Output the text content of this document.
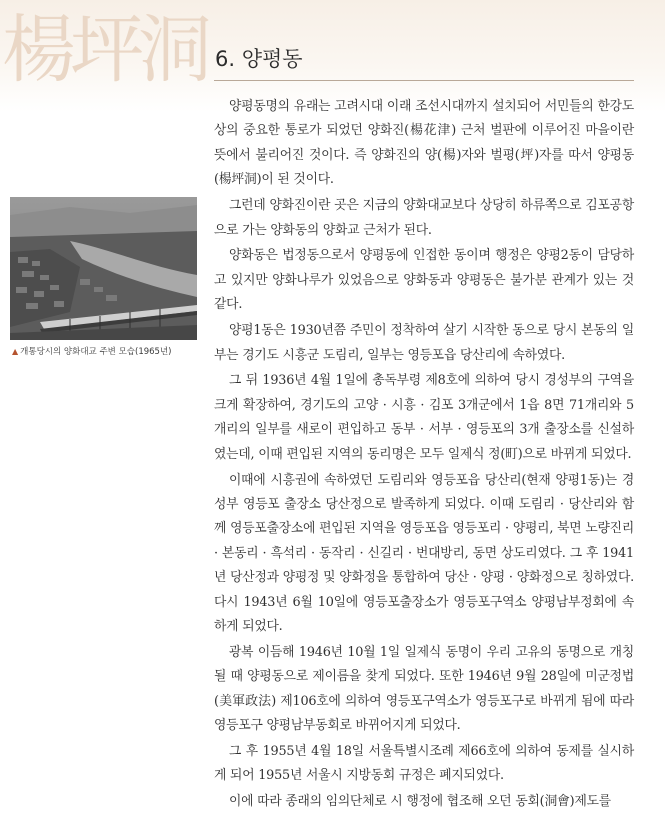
楊坪洞 6. 양평동
▲ 개통당시의 양화대교 주변 모습(1965년)

양평동명의 유래는 고려시대 이래 조선시대까지 설치되어 서민들의 한강도상의 중요한 통로가 되었던 양화진(楊花津) 근처 벌판에 이루어진 마을이란 뜻에서 불리어진 것이다. 즉 양화진의 양(楊)자와 벌평(坪)자를 따서 양평동(楊坪洞)이 된 것이다.

그런데 양화진이란 곳은 지금의 양화대교보다 상당히 하류쪽으로 김포공항으로 가는 양화동의 양화교 근처가 된다.

양화동은 법정동으로서 양평동에 인접한 동이며 행정은 양평2동이 담당하고 있지만 양화나루가 있었음으로 양화동과 양평동은 불가분 관계가 있는 것 같다.

양평1동은 1930년쯤 주민이 정착하여 살기 시작한 동으로 당시 본동의 일부는 경기도 시흥군 도림리, 일부는 영등포읍 당산리에 속하였다.

그 뒤 1936년 4월 1일에 총독부령 제8호에 의하여 당시 경성부의 구역을 크게 확장하여, 경기도의 고양 · 시흥 · 김포 3개군에서 1읍 8면 71개리와 5개리의 일부를 새로이 편입하고 동부 · 서부 · 영등포의 3개 출장소를 신설하였는데, 이때 편입된 지역의 동리명은 모두 일제식 정(町)으로 바뀌게 되었다.

이때에 시흥권에 속하였던 도림리와 영등포읍 당산리(현재 양평1동)는 경성부 영등포 출장소 당산정으로 발족하게 되었다. 이때 도림리 · 당산리와 함께 영등포출장소에 편입된 지역을 영등포읍 영등포리 · 양평리, 북면 노량진리 · 본동리 · 흑석리 · 동작리 · 신길리 · 번대방리, 동면 상도리였다. 그 후 1941년 당산정과 양평정 및 양화정을 통합하여 당산 · 양평 · 양화정으로 칭하였다. 다시 1943년 6월 10일에 영등포출장소가 영등포구역소 양평남부정회에 속하게 되었다.

광복 이듬해 1946년 10월 1일 일제식 동명이 우리 고유의 동명으로 개칭될 때 양평동으로 제이름을 찾게 되었다. 또한 1946년 9월 28일에 미군정법(美軍政法) 제106호에 의하여 영등포구역소가 영등포구로 바뀌게 됨에 따라 영등포구 양평남부동회로 바뀌어지게 되었다.

그 후 1955년 4월 18일 서울특별시조례 제66호에 의하여 동제를 실시하게 되어 1955년 서울시 지방동회 규정은 폐지되었다.

이에 따라 종래의 임의단체로 시 행정에 협조해 오던 동회(洞會)제도를
